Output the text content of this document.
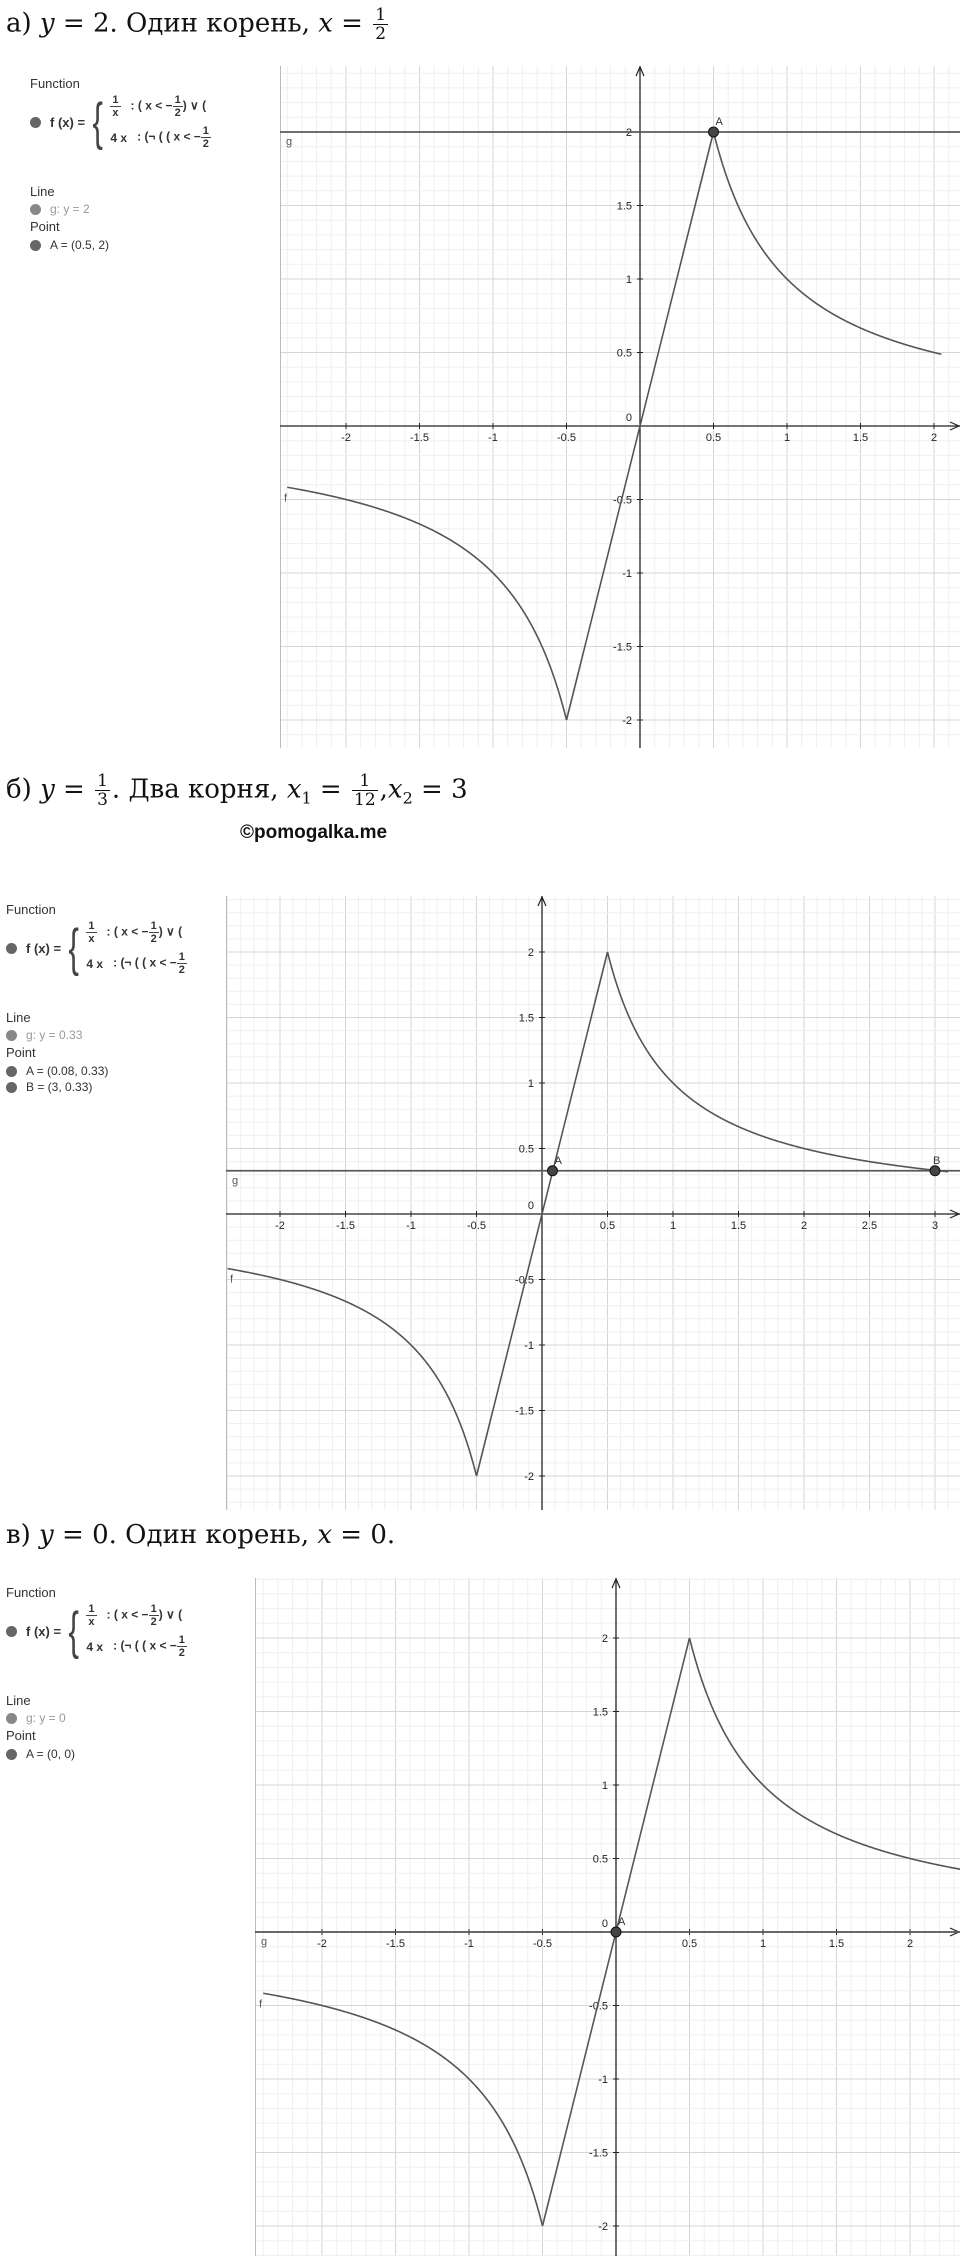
а) y = 2. Один корень, $x = \frac{1}{2}$
б) $y = \frac{1}{3}$ . Два корня, $x_1 = \frac{1}{12} ,x_2 = 3$
©pomogalka.me
в) y = 0. Один корень, x = 0.
Function
f (x) = { 1
x
: ( x < − $\frac{1}{2}$ ) ∨ (
4 x : (¬ ( ( x < − $\frac{1}{2}$
Line
g: y = 2
Point
A = (0.5, 2)
-2	-1.5	-1	-0.5	0.5	1	1.5	2
-2
-1.5
-1
-0.5
0
0.5
1
1.5
2
f
g
A
Function
f (x) = { 1
x
: ( x < − $\frac{1}{2}$ ) ∨ (
4 x : (¬ ( ( x < − $\frac{1}{2}$
Line
g: y = 0.33
Point
A = (0.08, 0.33)
B = (3, 0.33)
-2	-1.5	-1	-0.5	0.5	1	1.5	2	2.5	3
-2
-1.5
-1
-0.5
0
0.5
1
1.5
2
f
g
A	B
Function
f (x) = { 1
x
: ( x < − $\frac{1}{2}$ ) ∨ (
4 x : (¬ ( ( x < − $\frac{1}{2}$
Line
g: y = 0
Point
A = (0, 0)
-2	-1.5	-1	-0.5	0.5	1	1.5	2
-2
-1.5
-1
-0.5
0
0.5
1
1.5
2
f
g
A
